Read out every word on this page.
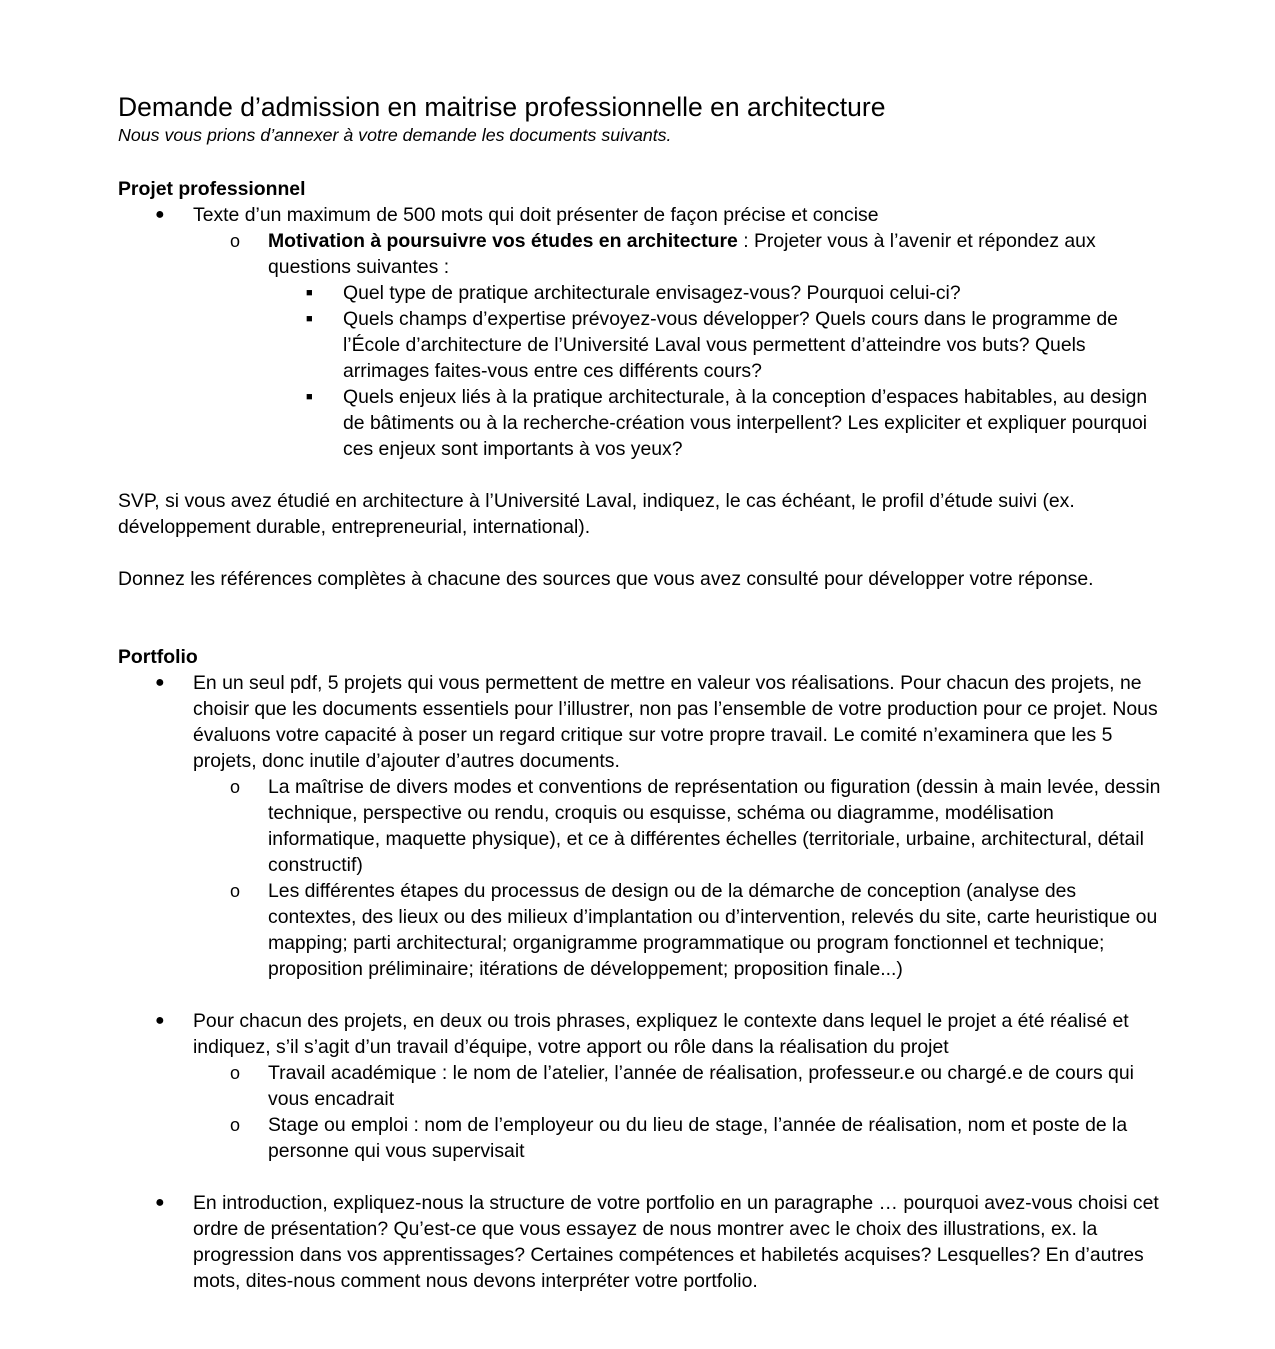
Demande d’admission en maitrise professionnelle en architecture

Nous vous prions d’annexer à votre demande les documents suivants.

Projet professionnel

● Texte d’un maximum de 500 mots qui doit présenter de façon précise et concise
o Motivation à poursuivre vos études en architecture : Projeter vous à l’avenir et répondez aux questions suivantes :
■ Quel type de pratique architecturale envisagez-vous? Pourquoi celui-ci?
■ Quels champs d’expertise prévoyez-vous développer? Quels cours dans le programme de l’École d’architecture de l’Université Laval vous permettent d’atteindre vos buts? Quels arrimages faites-vous entre ces différents cours?
■ Quels enjeux liés à la pratique architecturale, à la conception d’espaces habitables, au design de bâtiments ou à la recherche-création vous interpellent? Les expliciter et expliquer pourquoi ces enjeux sont importants à vos yeux?

SVP, si vous avez étudié en architecture à l’Université Laval, indiquez, le cas échéant, le profil d’étude suivi (ex. développement durable, entrepreneurial, international).

Donnez les références complètes à chacune des sources que vous avez consulté pour développer votre réponse.

Portfolio

● En un seul pdf, 5 projets qui vous permettent de mettre en valeur vos réalisations. Pour chacun des projets, ne choisir que les documents essentiels pour l’illustrer, non pas l’ensemble de votre production pour ce projet. Nous évaluons votre capacité à poser un regard critique sur votre propre travail. Le comité n’examinera que les 5 projets, donc inutile d’ajouter d’autres documents.
o La maîtrise de divers modes et conventions de représentation ou figuration (dessin à main levée, dessin technique, perspective ou rendu, croquis ou esquisse, schéma ou diagramme, modélisation informatique, maquette physique), et ce à différentes échelles (territoriale, urbaine, architectural, détail constructif)
o Les différentes étapes du processus de design ou de la démarche de conception (analyse des contextes, des lieux ou des milieux d’implantation ou d’intervention, relevés du site, carte heuristique ou mapping; parti architectural; organigramme programmatique ou program fonctionnel et technique; proposition préliminaire; itérations de développement; proposition finale...)
● Pour chacun des projets, en deux ou trois phrases, expliquez le contexte dans lequel le projet a été réalisé et indiquez, s’il s’agit d’un travail d’équipe, votre apport ou rôle dans la réalisation du projet
o Travail académique : le nom de l’atelier, l’année de réalisation, professeur.e ou chargé.e de cours qui vous encadrait
o Stage ou emploi : nom de l’employeur ou du lieu de stage, l’année de réalisation, nom et poste de la personne qui vous supervisait
● En introduction, expliquez-nous la structure de votre portfolio en un paragraphe … pourquoi avez-vous choisi cet ordre de présentation? Qu’est-ce que vous essayez de nous montrer avec le choix des illustrations, ex. la progression dans vos apprentissages? Certaines compétences et habiletés acquises? Lesquelles? En d’autres mots, dites-nous comment nous devons interpréter votre portfolio.
